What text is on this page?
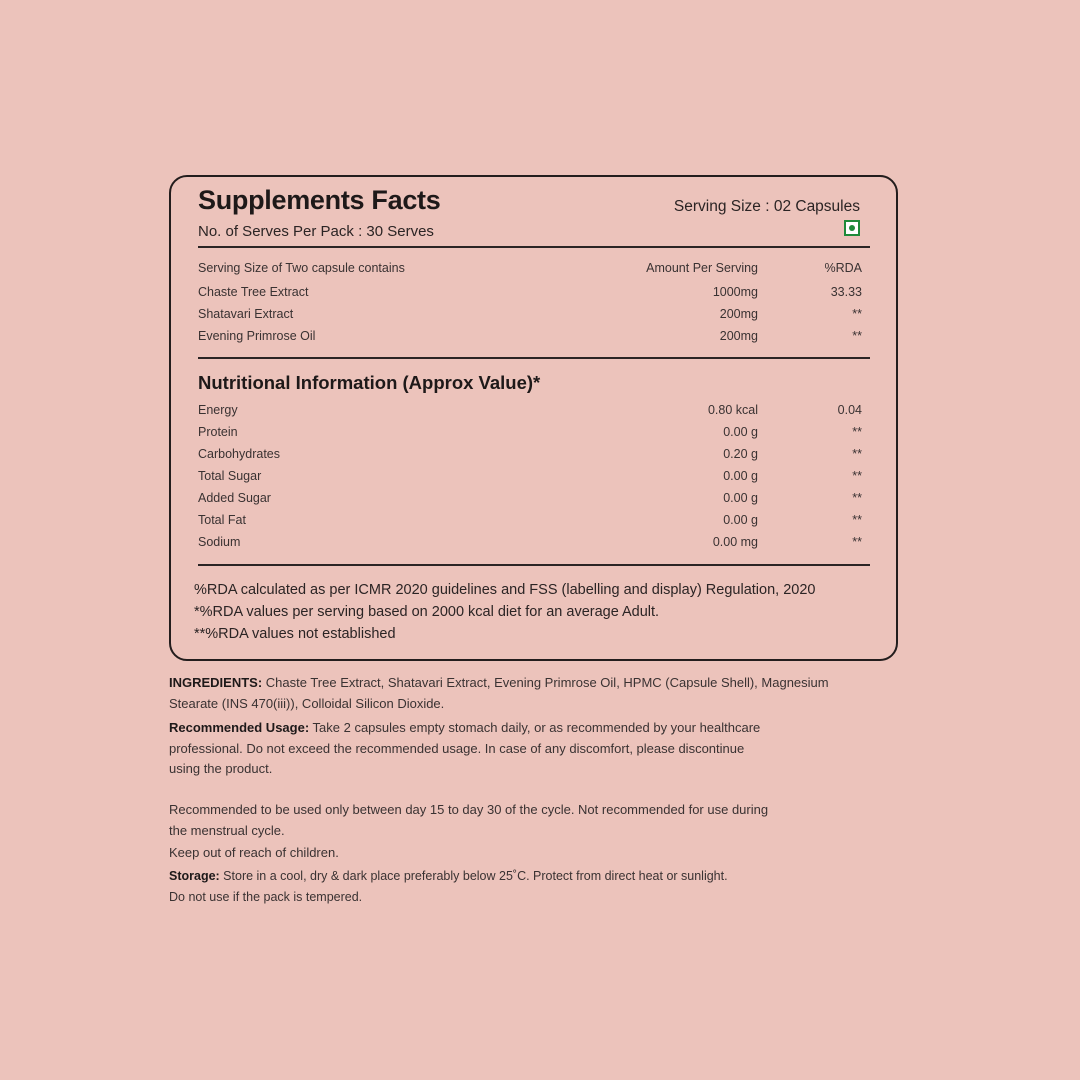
Supplements Facts
No. of Serves Per Pack : 30 Serves
Serving Size : 02 Capsules
Serving Size of Two capsule contains	Amount Per Serving	%RDA
Chaste Tree Extract	1000mg	33.33
Shatavari Extract	200mg	**
Evening Primrose Oil	200mg	**
Nutritional Information (Approx Value)*
Energy	0.80 kcal	0.04
Protein	0.00 g	**
Carbohydrates	0.20 g	**
Total Sugar	0.00 g	**
Added Sugar	0.00 g	**
Total Fat	0.00 g	**
Sodium	0.00 mg	**
%RDA calculated as per ICMR 2020 guidelines and FSS (labelling and display) Regulation, 2020
*%RDA values per serving based on 2000 kcal diet for an average Adult.
**%RDA values not established
INGREDIENTS: Chaste Tree Extract, Shatavari Extract, Evening Primrose Oil, HPMC (Capsule Shell), Magnesium
Stearate (INS 470(iii)), Colloidal Silicon Dioxide.
Recommended Usage: Take 2 capsules empty stomach daily, or as recommended by your healthcare
professional. Do not exceed the recommended usage. In case of any discomfort, please discontinue
using the product.
Recommended to be used only between day 15 to day 30 of the cycle. Not recommended for use during
the menstrual cycle.
Keep out of reach of children.
Storage: Store in a cool, dry & dark place preferably below 25˚C. Protect from direct heat or sunlight.
Do not use if the pack is tempered.
